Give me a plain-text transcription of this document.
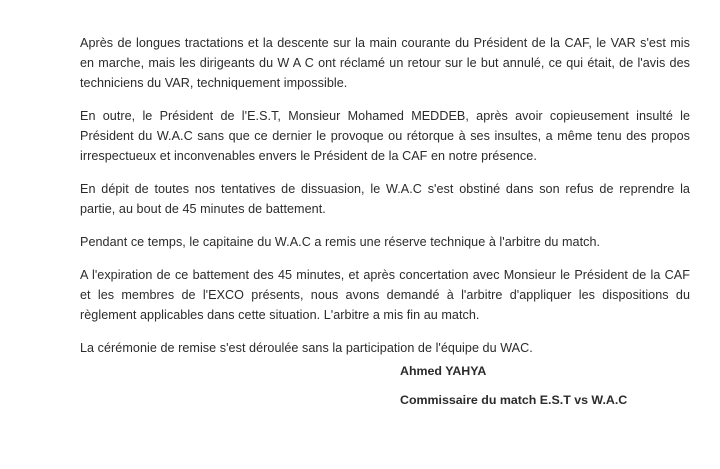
Après de longues tractations et la descente sur la main courante du Président de la CAF, le VAR s'est mis en marche, mais les dirigeants du W A C ont réclamé un retour sur le but annulé, ce qui était, de l'avis des techniciens du VAR, techniquement impossible.

En outre, le Président de l'E.S.T, Monsieur Mohamed MEDDEB, après avoir copieusement insulté le Président du W.A.C sans que ce dernier le provoque ou rétorque à ses insultes, a même tenu des propos irrespectueux et inconvenables envers le Président de la CAF en notre présence.

En dépit de toutes nos tentatives de dissuasion, le W.A.C s'est obstiné dans son refus de reprendre la partie, au bout de 45 minutes de battement.

Pendant ce temps, le capitaine du W.A.C a remis une réserve technique à l'arbitre du match.

A l'expiration de ce battement des 45 minutes, et après concertation avec Monsieur le Président de la CAF et les membres de l'EXCO présents, nous avons demandé à l'arbitre d'appliquer les dispositions du règlement applicables dans cette situation. L'arbitre a mis fin au match.

La cérémonie de remise s'est déroulée sans la participation de l'équipe du WAC.

Ahmed YAHYA
Commissaire du match E.S.T vs W.A.C
